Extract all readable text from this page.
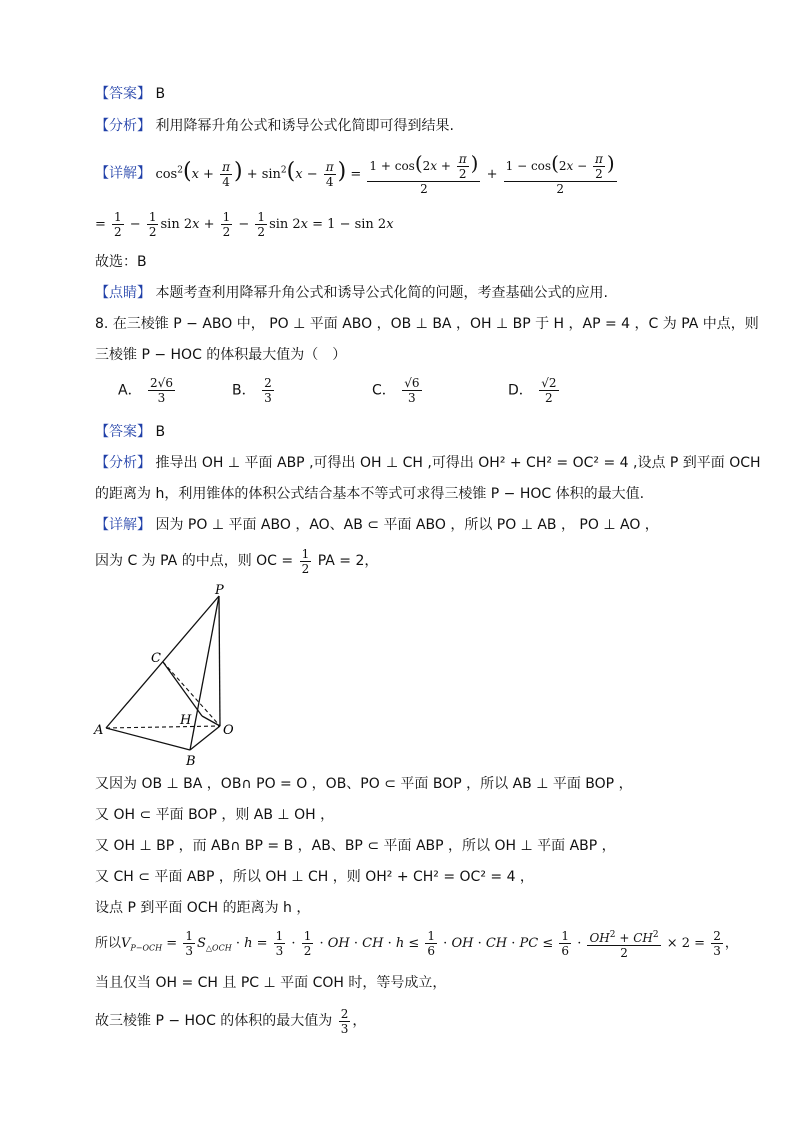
【答案】 B
【分析】 利用降幂升角公式和诱导公式化简即可得到结果.
【详解】 $\cos^2(x + \frac{\pi}{4}$ ) + $\sin^2(x - \frac{\pi}{4}$ ) = $\frac{1 + \cos(2x + \frac{\pi}{2} )}{2} + \frac{1 - \cos(2x - \frac{\pi}{2} )}{2}$
= $\frac{1}{2} - \frac{1}{2}$ $\sin 2x + \frac{1}{2} - \frac{1}{2}$ sin 2x = 1 − sin 2x
故选：B
【点睛】 本题考查利用降幂升角公式和诱导公式化简的问题，考查基础公式的应用.
8. 在三棱锥 P − ABO 中， PO ⊥ 平面 ABO ，OB ⊥ BA ，OH ⊥ BP 于 H ，AP = 4 ，C 为 PA 中点，则
三棱锥 P − HOC 的体积最大值为（　）
A． $\frac{2√6}{3}$	B． $\frac{2}{3}$	C． $\frac{√6}{3}$	D． $\frac{√2}{2}$
【答案】 B
【分析】 推导出 OH ⊥ 平面 ABP ,可得出 OH ⊥ CH ,可得出 OH² + CH² = OC² = 4 ,设点 P 到平面 OCH
的距离为 h，利用锥体的体积公式结合基本不等式可求得三棱锥 P − HOC 体积的最大值.
【详解】 因为 PO ⊥ 平面 ABO ，AO、AB ⊂ 平面 ABO ，所以 PO ⊥ AB ， PO ⊥ AO ，
因为 C 为 PA 的中点，则 OC = $\frac{1}{2}$ PA = 2，
P
C
H
A	O
B
又因为 OB ⊥ BA ，OB∩ PO = O ，OB、PO ⊂ 平面 BOP ，所以 AB ⊥ 平面 BOP ，
又 OH ⊂ 平面 BOP ，则 AB ⊥ OH ，
又 OH ⊥ BP ，而 AB∩ BP = B ，AB、BP ⊂ 平面 ABP ，所以 OH ⊥ 平面 ABP ，
又 CH ⊂ 平面 ABP ，所以 OH ⊥ CH ，则 OH² + CH² = OC² = 4 ，
设点 P 到平面 OCH 的距离为 h ，
所以$V_{P-OCH} = \frac{1}{3} S_{\triangle OCH} \cdot h = \frac{1}{3} \cdot \frac{1}{2}$ · OH · CH · $h \le \frac{1}{6}$ · OH · CH · PC ≤ $\frac{1}{6} \cdot \frac{OH^2 + CH^2}{2} \times 2 = \frac{2}{3}$ ，
当且仅当 OH = CH 且 PC ⊥ 平面 COH 时，等号成立，
故三棱锥 P − HOC 的体积的最大值为 $\frac{2}{3}$ ，
